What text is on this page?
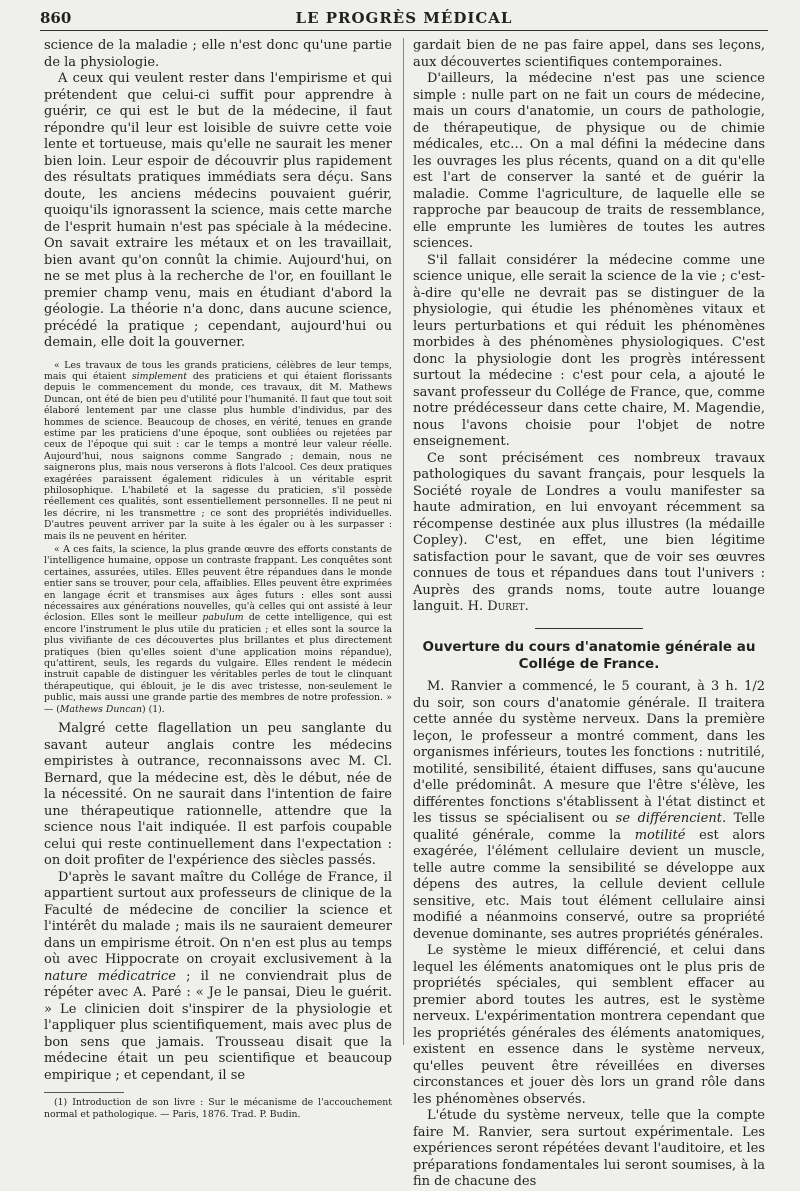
860	LE PROGRÈS MÉDICAL

science de la maladie ; elle n'est donc qu'une partie de la physiologie.

A ceux qui veulent rester dans l'empirisme et qui prétendent que celui-ci suffit pour apprendre à guérir, ce qui est le but de la médecine, il faut répondre qu'il leur est loisible de suivre cette voie lente et tortueuse, mais qu'elle ne saurait les mener bien loin. Leur espoir de découvrir plus rapidement des résultats pratiques immédiats sera déçu. Sans doute, les anciens médecins pouvaient guérir, quoiqu'ils ignorassent la science, mais cette marche de l'esprit humain n'est pas spéciale à la médecine. On savait extraire les métaux et on les travaillait, bien avant qu'on connût la chimie. Aujourd'hui, on ne se met plus à la recherche de l'or, en fouillant le premier champ venu, mais en étudiant d'abord la géologie. La théorie n'a donc, dans aucune science, précédé la pratique ; cependant, aujourd'hui ou demain, elle doit la gouverner.

« Les travaux de tous les grands praticiens, célèbres de leur temps, mais qui étaient simplement des praticiens et qui étaient florissants depuis le commencement du monde, ces travaux, dit M. Mathews Duncan, ont été de bien peu d'utilité pour l'humanité. Il faut que tout soit élaboré lentement par une classe plus humble d'individus, par des hommes de science. Beaucoup de choses, en vérité, tenues en grande estime par les praticiens d'une époque, sont oubliées ou rejetées par ceux de l'époque qui suit : car le temps a montré leur valeur réelle. Aujourd'hui, nous saignons comme Sangrado ; demain, nous ne saignerons plus, mais nous verserons à flots l'alcool. Ces deux pratiques exagérées paraissent également ridicules à un véritable esprit philosophique. L'habileté et la sagesse du praticien, s'il possède réellement ces qualités, sont essentiellement personnelles. Il ne peut ni les décrire, ni les transmettre ; ce sont des propriétés individuelles. D'autres peuvent arriver par la suite à les égaler ou à les surpasser : mais ils ne peuvent en hériter.

« A ces faits, la science, la plus grande œuvre des efforts constants de l'intelligence humaine, oppose un contraste frappant. Les conquêtes sont certaines, assurées, utiles. Elles peuvent être répandues dans le monde entier sans se trouver, pour cela, affaiblies. Elles peuvent être exprimées en langage écrit et transmises aux âges futurs : elles sont aussi nécessaires aux générations nouvelles, qu'à celles qui ont assisté à leur éclosion. Elles sont le meilleur pabulum de cette intelligence, qui est encore l'instrument le plus utile du praticien ; et elles sont la source la plus vivifiante de ces découvertes plus brillantes et plus directement pratiques (bien qu'elles soient d'une application moins répandue), qu'attirent, seuls, les regards du vulgaire. Elles rendent le médecin instruit capable de distinguer les véritables perles de tout le clinquant thérapeutique, qui éblouit, je le dis avec tristesse, non-seulement le public, mais aussi une grande partie des membres de notre profession. » — (Mathews Duncan) (1).

Malgré cette flagellation un peu sanglante du savant auteur anglais contre les médecins empiristes à outrance, reconnaissons avec M. Cl. Bernard, que la médecine est, dès le début, née de la nécessité. On ne saurait dans l'intention de faire une thérapeutique rationnelle, attendre que la science nous l'ait indiquée. Il est parfois coupable celui qui reste continuellement dans l'expectation : on doit profiter de l'expérience des siècles passés.

D'après le savant maître du Collége de France, il appartient surtout aux professeurs de clinique de la Faculté de médecine de concilier la science et l'intérêt du malade ; mais ils ne sauraient demeurer dans un empirisme étroit. On n'en est plus au temps où avec Hippocrate on croyait exclusivement à la nature médicatrice ; il ne conviendrait plus de répéter avec A. Paré : « Je le pansai, Dieu le guérit. » Le clinicien doit s'inspirer de la physiologie et l'appliquer plus scientifiquement, mais avec plus de bon sens que jamais. Trousseau disait que la médecine était un peu scientifique et beaucoup empirique ; et cependant, il se

(1) Introduction de son livre : Sur le mécanisme de l'accouchement normal et pathologique. — Paris, 1876. Trad. P. Budin.

gardait bien de ne pas faire appel, dans ses leçons, aux découvertes scientifiques contemporaines.

D'ailleurs, la médecine n'est pas une science simple : nulle part on ne fait un cours de médecine, mais un cours d'anatomie, un cours de pathologie, de thérapeutique, de physique ou de chimie médicales, etc… On a mal défini la médecine dans les ouvrages les plus récents, quand on a dit qu'elle est l'art de conserver la santé et de guérir la maladie. Comme l'agriculture, de laquelle elle se rapproche par beaucoup de traits de ressemblance, elle emprunte les lumières de toutes les autres sciences.

S'il fallait considérer la médecine comme une science unique, elle serait la science de la vie ; c'est-à-dire qu'elle ne devrait pas se distinguer de la physiologie, qui étudie les phénomènes vitaux et leurs perturbations et qui réduit les phénomènes morbides à des phénomènes physiologiques. C'est donc la physiologie dont les progrès intéressent surtout la médecine : c'est pour cela, a ajouté le savant professeur du Collége de France, que, comme notre prédécesseur dans cette chaire, M. Magendie, nous l'avons choisie pour l'objet de notre enseignement.

Ce sont précisément ces nombreux travaux pathologiques du savant français, pour lesquels la Société royale de Londres a voulu manifester sa haute admiration, en lui envoyant récemment sa récompense destinée aux plus illustres (la médaille Copley). C'est, en effet, une bien légitime satisfaction pour le savant, que de voir ses œuvres connues de tous et répandues dans tout l'univers : Auprès des grands noms, toute autre louange languit. H. Duret.

Ouverture du cours d'anatomie générale au Collége de France.

M. Ranvier a commencé, le 5 courant, à 3 h. 1/2 du soir, son cours d'anatomie générale. Il traitera cette année du système nerveux. Dans la première leçon, le professeur a montré comment, dans les organismes inférieurs, toutes les fonctions : nutritilé, motilité, sensibilité, étaient diffuses, sans qu'aucune d'elle prédominât. A mesure que l'être s'élève, les différentes fonctions s'établissent à l'état distinct et les tissus se spécialisent ou se différencient. Telle qualité générale, comme la motilité est alors exagérée, l'élément cellulaire devient un muscle, telle autre comme la sensibilité se développe aux dépens des autres, la cellule devient cellule sensitive, etc. Mais tout élément cellulaire ainsi modifié a néanmoins conservé, outre sa propriété devenue dominante, ses autres propriétés générales.

Le système le mieux différencié, et celui dans lequel les éléments anatomiques ont le plus pris de propriétés spéciales, qui semblent effacer au premier abord toutes les autres, est le système nerveux. L'expérimentation montrera cependant que les propriétés générales des éléments anatomiques, existent en essence dans le système nerveux, qu'elles peuvent être réveillées en diverses circonstances et jouer dès lors un grand rôle dans les phénomènes observés.

L'étude du système nerveux, telle que la compte faire M. Ranvier, sera surtout expérimentale. Les expériences seront répétées devant l'auditoire, et les préparations fondamentales lui seront soumises, à la fin de chacune des
